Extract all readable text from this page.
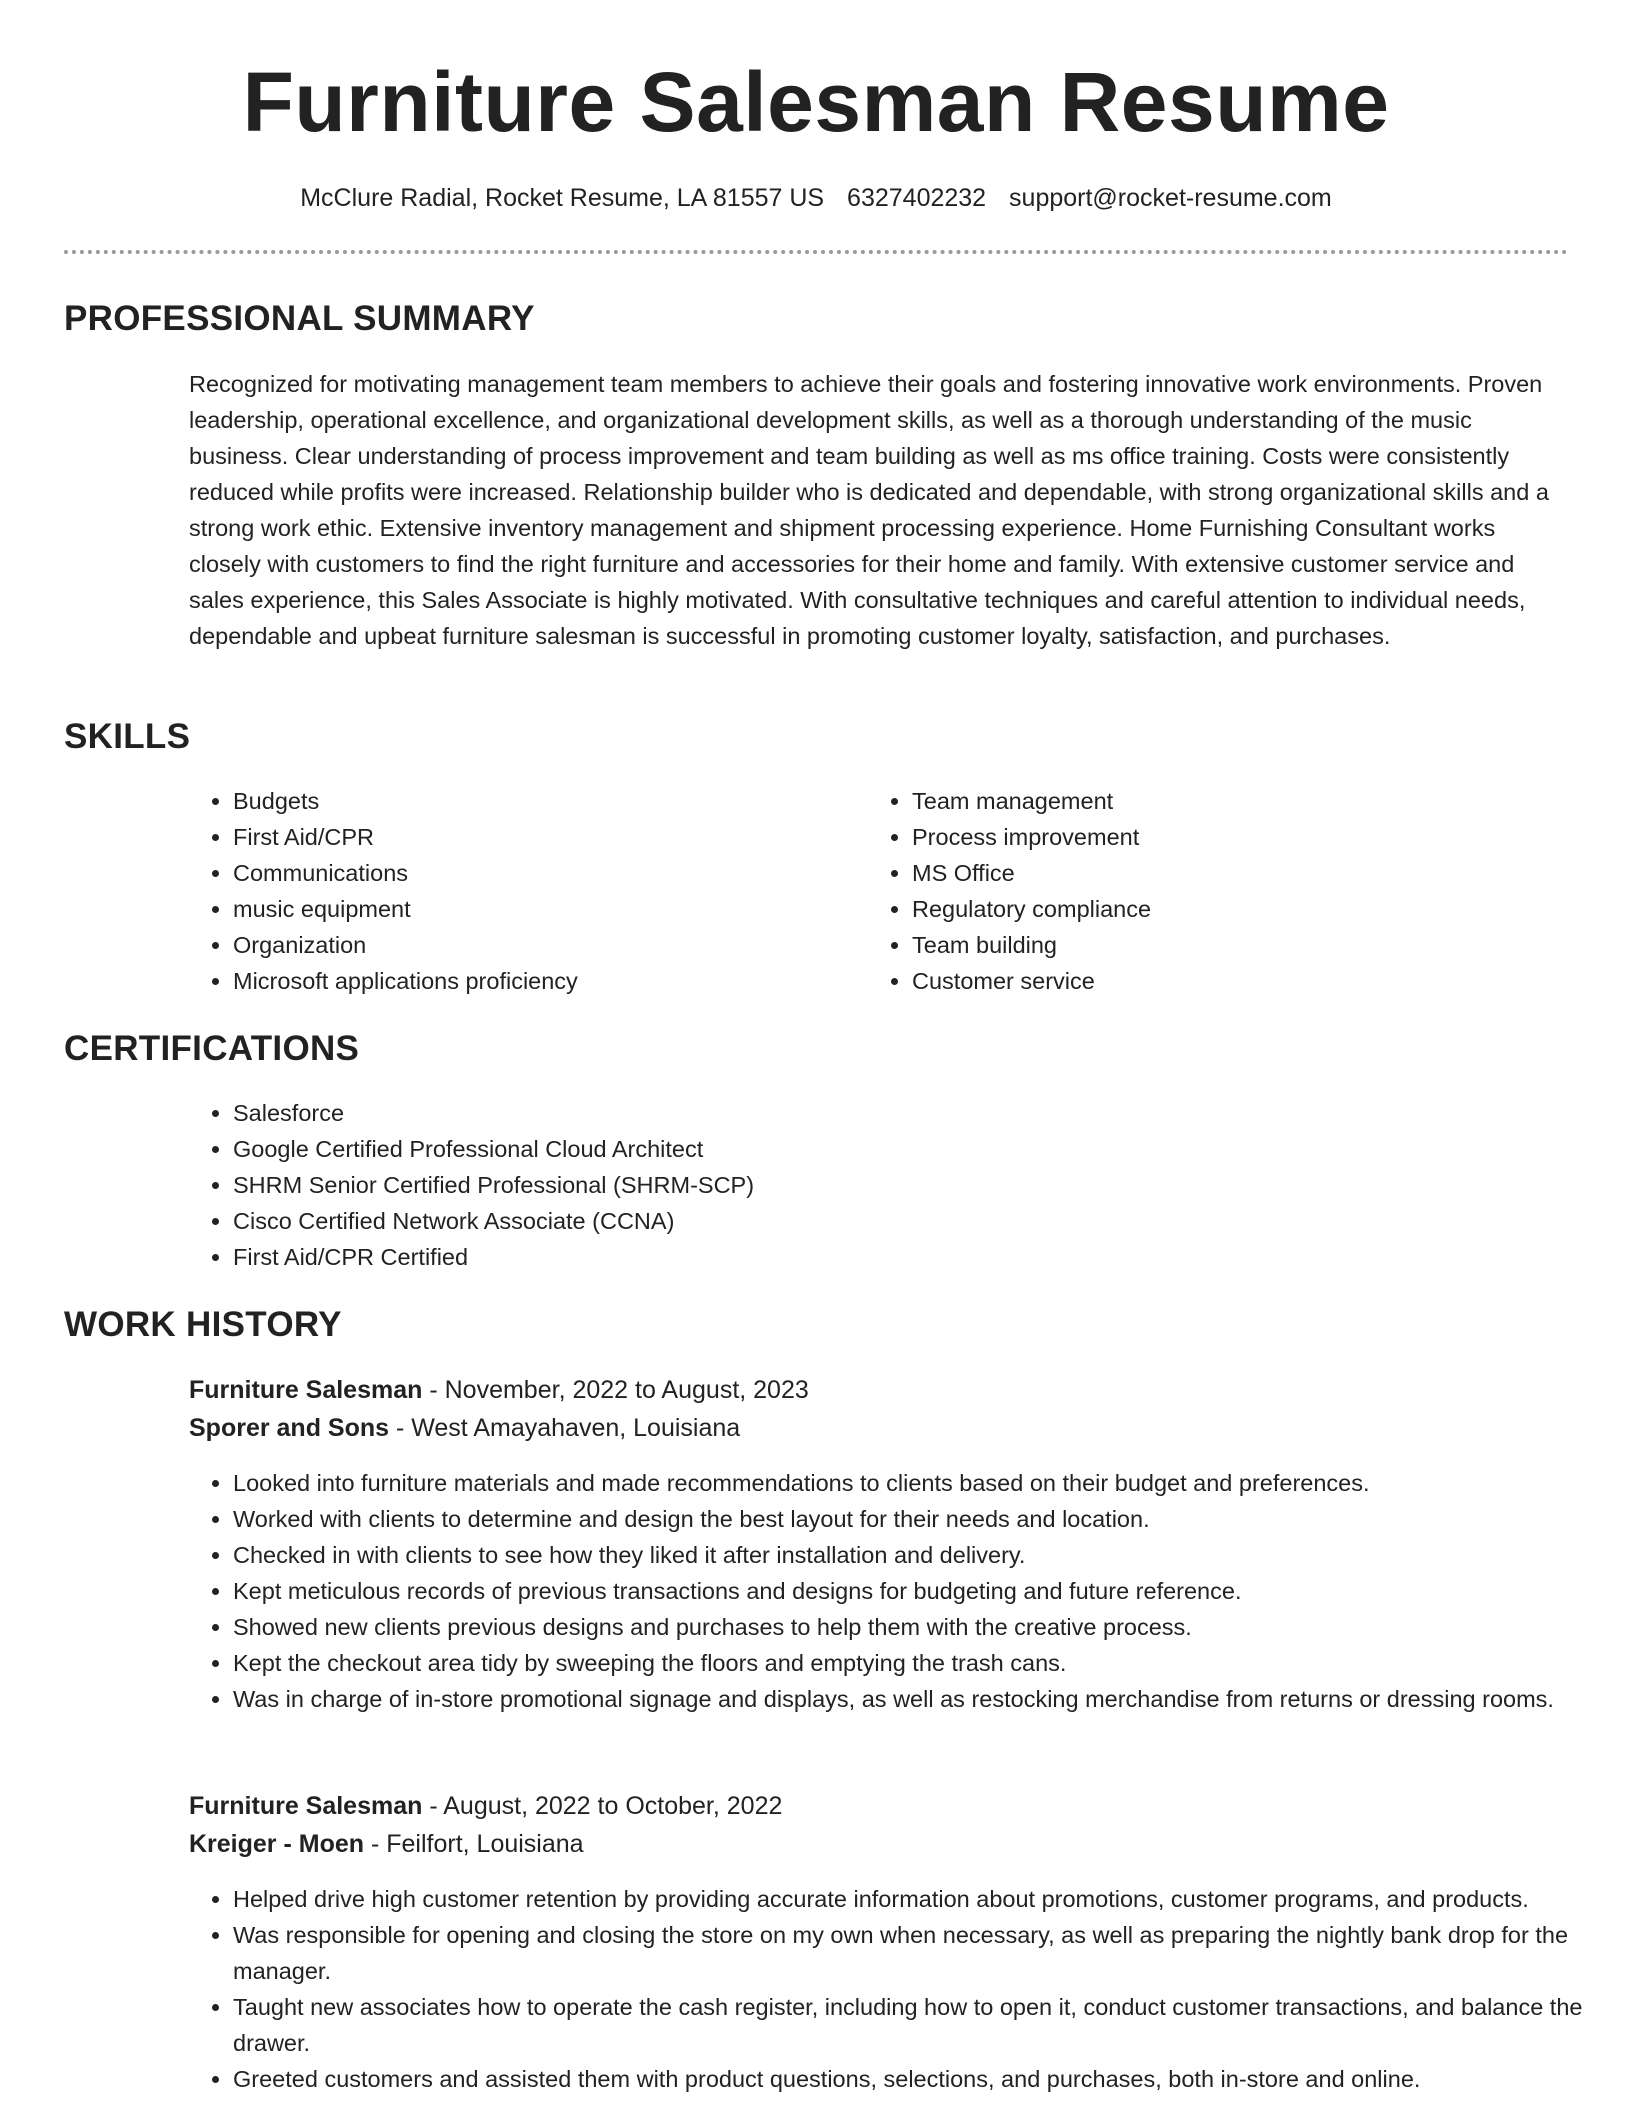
Furniture Salesman Resume
McClure Radial, Rocket Resume, LA 81557 US 6327402232 support@rocket-resume.com
PROFESSIONAL SUMMARY

Recognized for motivating management team members to achieve their goals and fostering innovative work environments. Proven leadership, operational excellence, and organizational development skills, as well as a thorough understanding of the music business. Clear understanding of process improvement and team building as well as ms office training. Costs were consistently reduced while profits were increased. Relationship builder who is dedicated and dependable, with strong organizational skills and a strong work ethic. Extensive inventory management and shipment processing experience. Home Furnishing Consultant works closely with customers to find the right furniture and accessories for their home and family. With extensive customer service and sales experience, this Sales Associate is highly motivated. With consultative techniques and careful attention to individual needs, dependable and upbeat furniture salesman is successful in promoting customer loyalty, satisfaction, and purchases.

SKILLS
• Budgets
• First Aid/CPR
• Communications
• music equipment
• Organization
• Microsoft applications proficiency
• Team management
• Process improvement
• MS Office
• Regulatory compliance
• Team building
• Customer service
CERTIFICATIONS
• Salesforce
• Google Certified Professional Cloud Architect
• SHRM Senior Certified Professional (SHRM-SCP)
• Cisco Certified Network Associate (CCNA)
• First Aid/CPR Certified
WORK HISTORY
Furniture Salesman - November, 2022 to August, 2023
Sporer and Sons - West Amayahaven, Louisiana
• Looked into furniture materials and made recommendations to clients based on their budget and preferences.
• Worked with clients to determine and design the best layout for their needs and location.
• Checked in with clients to see how they liked it after installation and delivery.
• Kept meticulous records of previous transactions and designs for budgeting and future reference.
• Showed new clients previous designs and purchases to help them with the creative process.
• Kept the checkout area tidy by sweeping the floors and emptying the trash cans.
• Was in charge of in-store promotional signage and displays, as well as restocking merchandise from returns or dressing rooms.
Furniture Salesman - August, 2022 to October, 2022
Kreiger - Moen - Feilfort, Louisiana
• Helped drive high customer retention by providing accurate information about promotions, customer programs, and products.
• Was responsible for opening and closing the store on my own when necessary, as well as preparing the nightly bank drop for the manager.
• Taught new associates how to operate the cash register, including how to open it, conduct customer transactions, and balance the drawer.
• Greeted customers and assisted them with product questions, selections, and purchases, both in-store and online.
